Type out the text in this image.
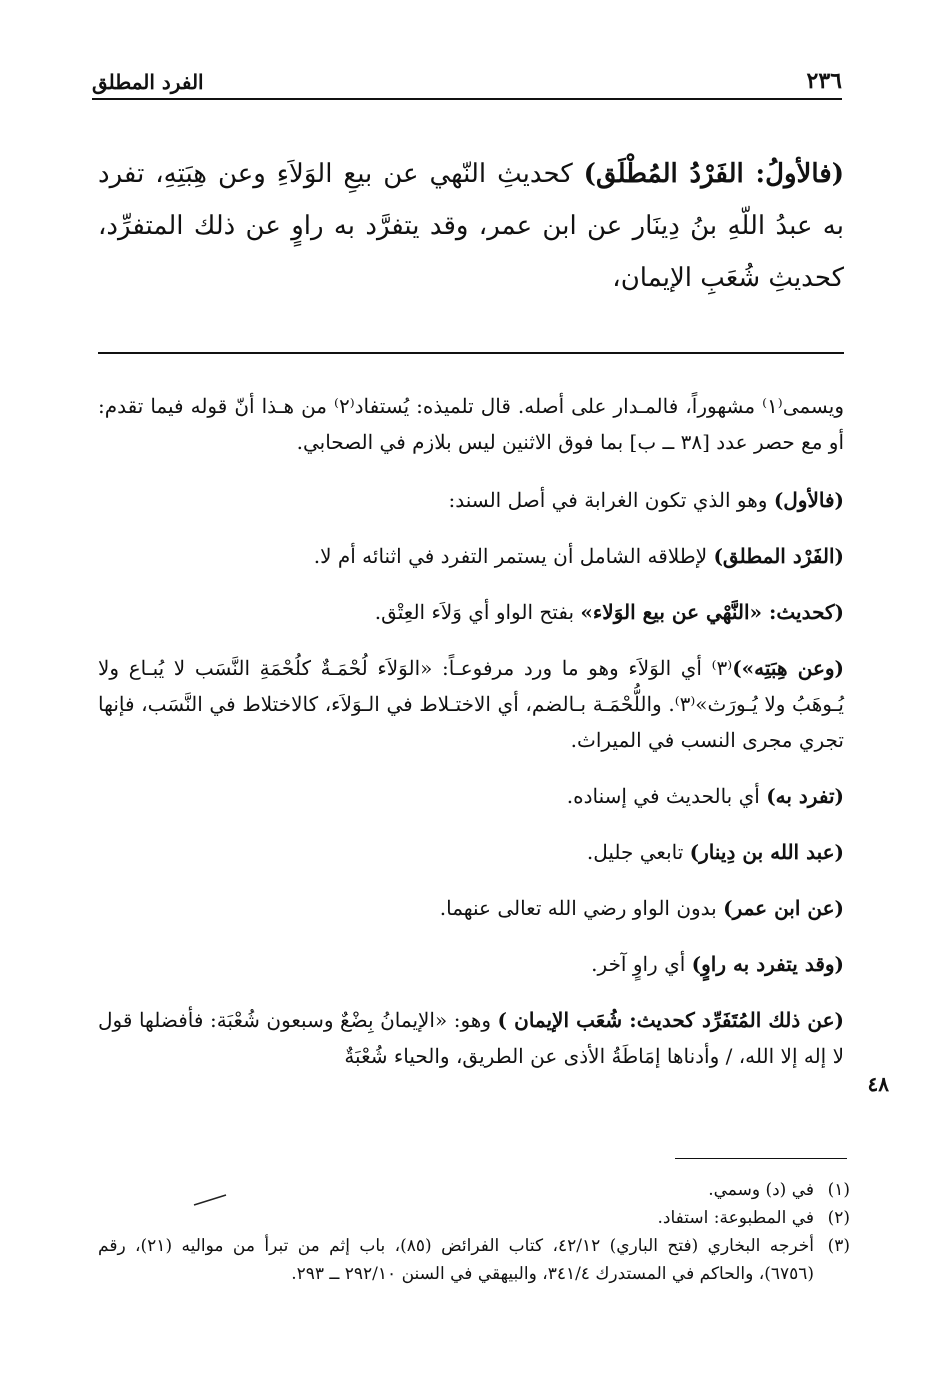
٢٣٦
الفرد المطلق
(فالأولُ: الفَرْدُ المُطْلَق) كحديثِ النّهي عن بيعِ الوَلاَءِ وعن هِبَتِهِ، تفرد به عبدُ اللّهِ بنُ دِينَار عن ابن عمر، وقد يتفرَّد به راوٍ عن ذلك المتفرِّد، كحديثِ شُعَبِ الإيمان،

ويسمى⁽١⁾ مشهوراً، فالمـدار على أصله. قال تلميذه: يُستفاد⁽٢⁾ من هـذا أنّ قوله فيما تقدم: أو مع حصر عدد [٣٨ ــ ب] بما فوق الاثنين ليس بلازم في الصحابي.

(فالأول) وهو الذي تكون الغرابة في أصل السند:

(الفَرْد المطلق) لإطلاقه الشامل أن يستمر التفرد في اثنائه أم لا.

(كحديث: «النَّهْي عن بيع الوَلاء» بفتح الواو أي وَلاَء العِتْق.

(وعن هِبَتِه»)⁽٣⁾ أي الوَلاَء وهو ما ورد مرفوعـاً: «الوَلاَء لُحْمَـةٌ كلُحْمَةِ النَّسَب لا يُبـاع ولا يُـوهَبُ ولا يُـورَث»⁽٣⁾. واللُّحْمَـة بـالضم، أي الاختـلاط في الـوَلاَء، كالاختلاط في النَّسَب، فإنها تجري مجرى النسب في الميراث.

(تفرد به) أي بالحديث في إسناده.

(عبد الله بن دِينار) تابعي جليل.

(عن ابن عمر) بدون الواو رضي الله تعالى عنهما.

(وقد يتفرد به راوٍ) أي راوٍ آخر.

(عن ذلك المُتَفَرِّد كحديث: شُعَب الإيمان ) وهو: «الإيمانُ بِضْعٌ وسبعون شُعْبَة: فأفضلها قول لا إله إلا الله، / وأدناها إمَاطَةُ الأذى عن الطريق، والحياء شُعْبَةٌ

٤٨
(١)
في (د) وسمي.
(٢)
في المطبوعة: استفاد.
(٣)
أخرجه البخاري (فتح الباري) ٤٢/١٢، كتاب الفرائض (٨٥)، باب إثم من تبرأ من مواليه (٢١)، رقم (٦٧٥٦)، والحاكم في المستدرك ٣٤١/٤، والبيهقي في السنن ٢٩٢/١٠ ــ ٢٩٣.
